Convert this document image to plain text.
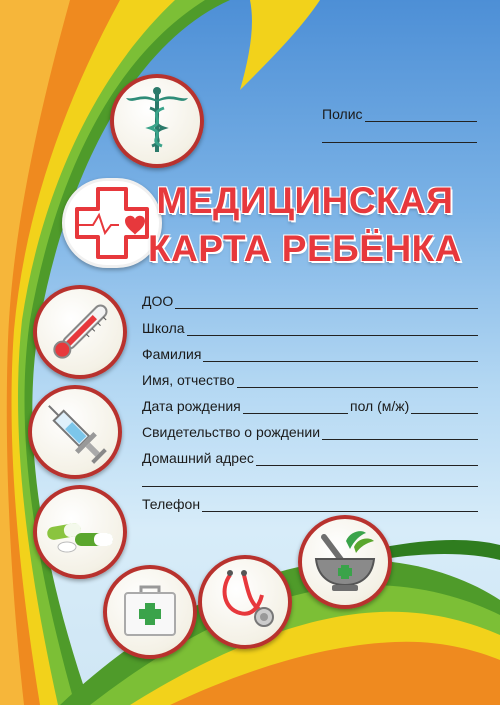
Полис
МЕДИЦИНСКАЯ
КАРТА РЕБЁНКА
ДОО
Школа
Фамилия
Имя, отчество
Дата рождения	пол (м/ж)
Свидетельство о рождении
Домашний адрес
Телефон
